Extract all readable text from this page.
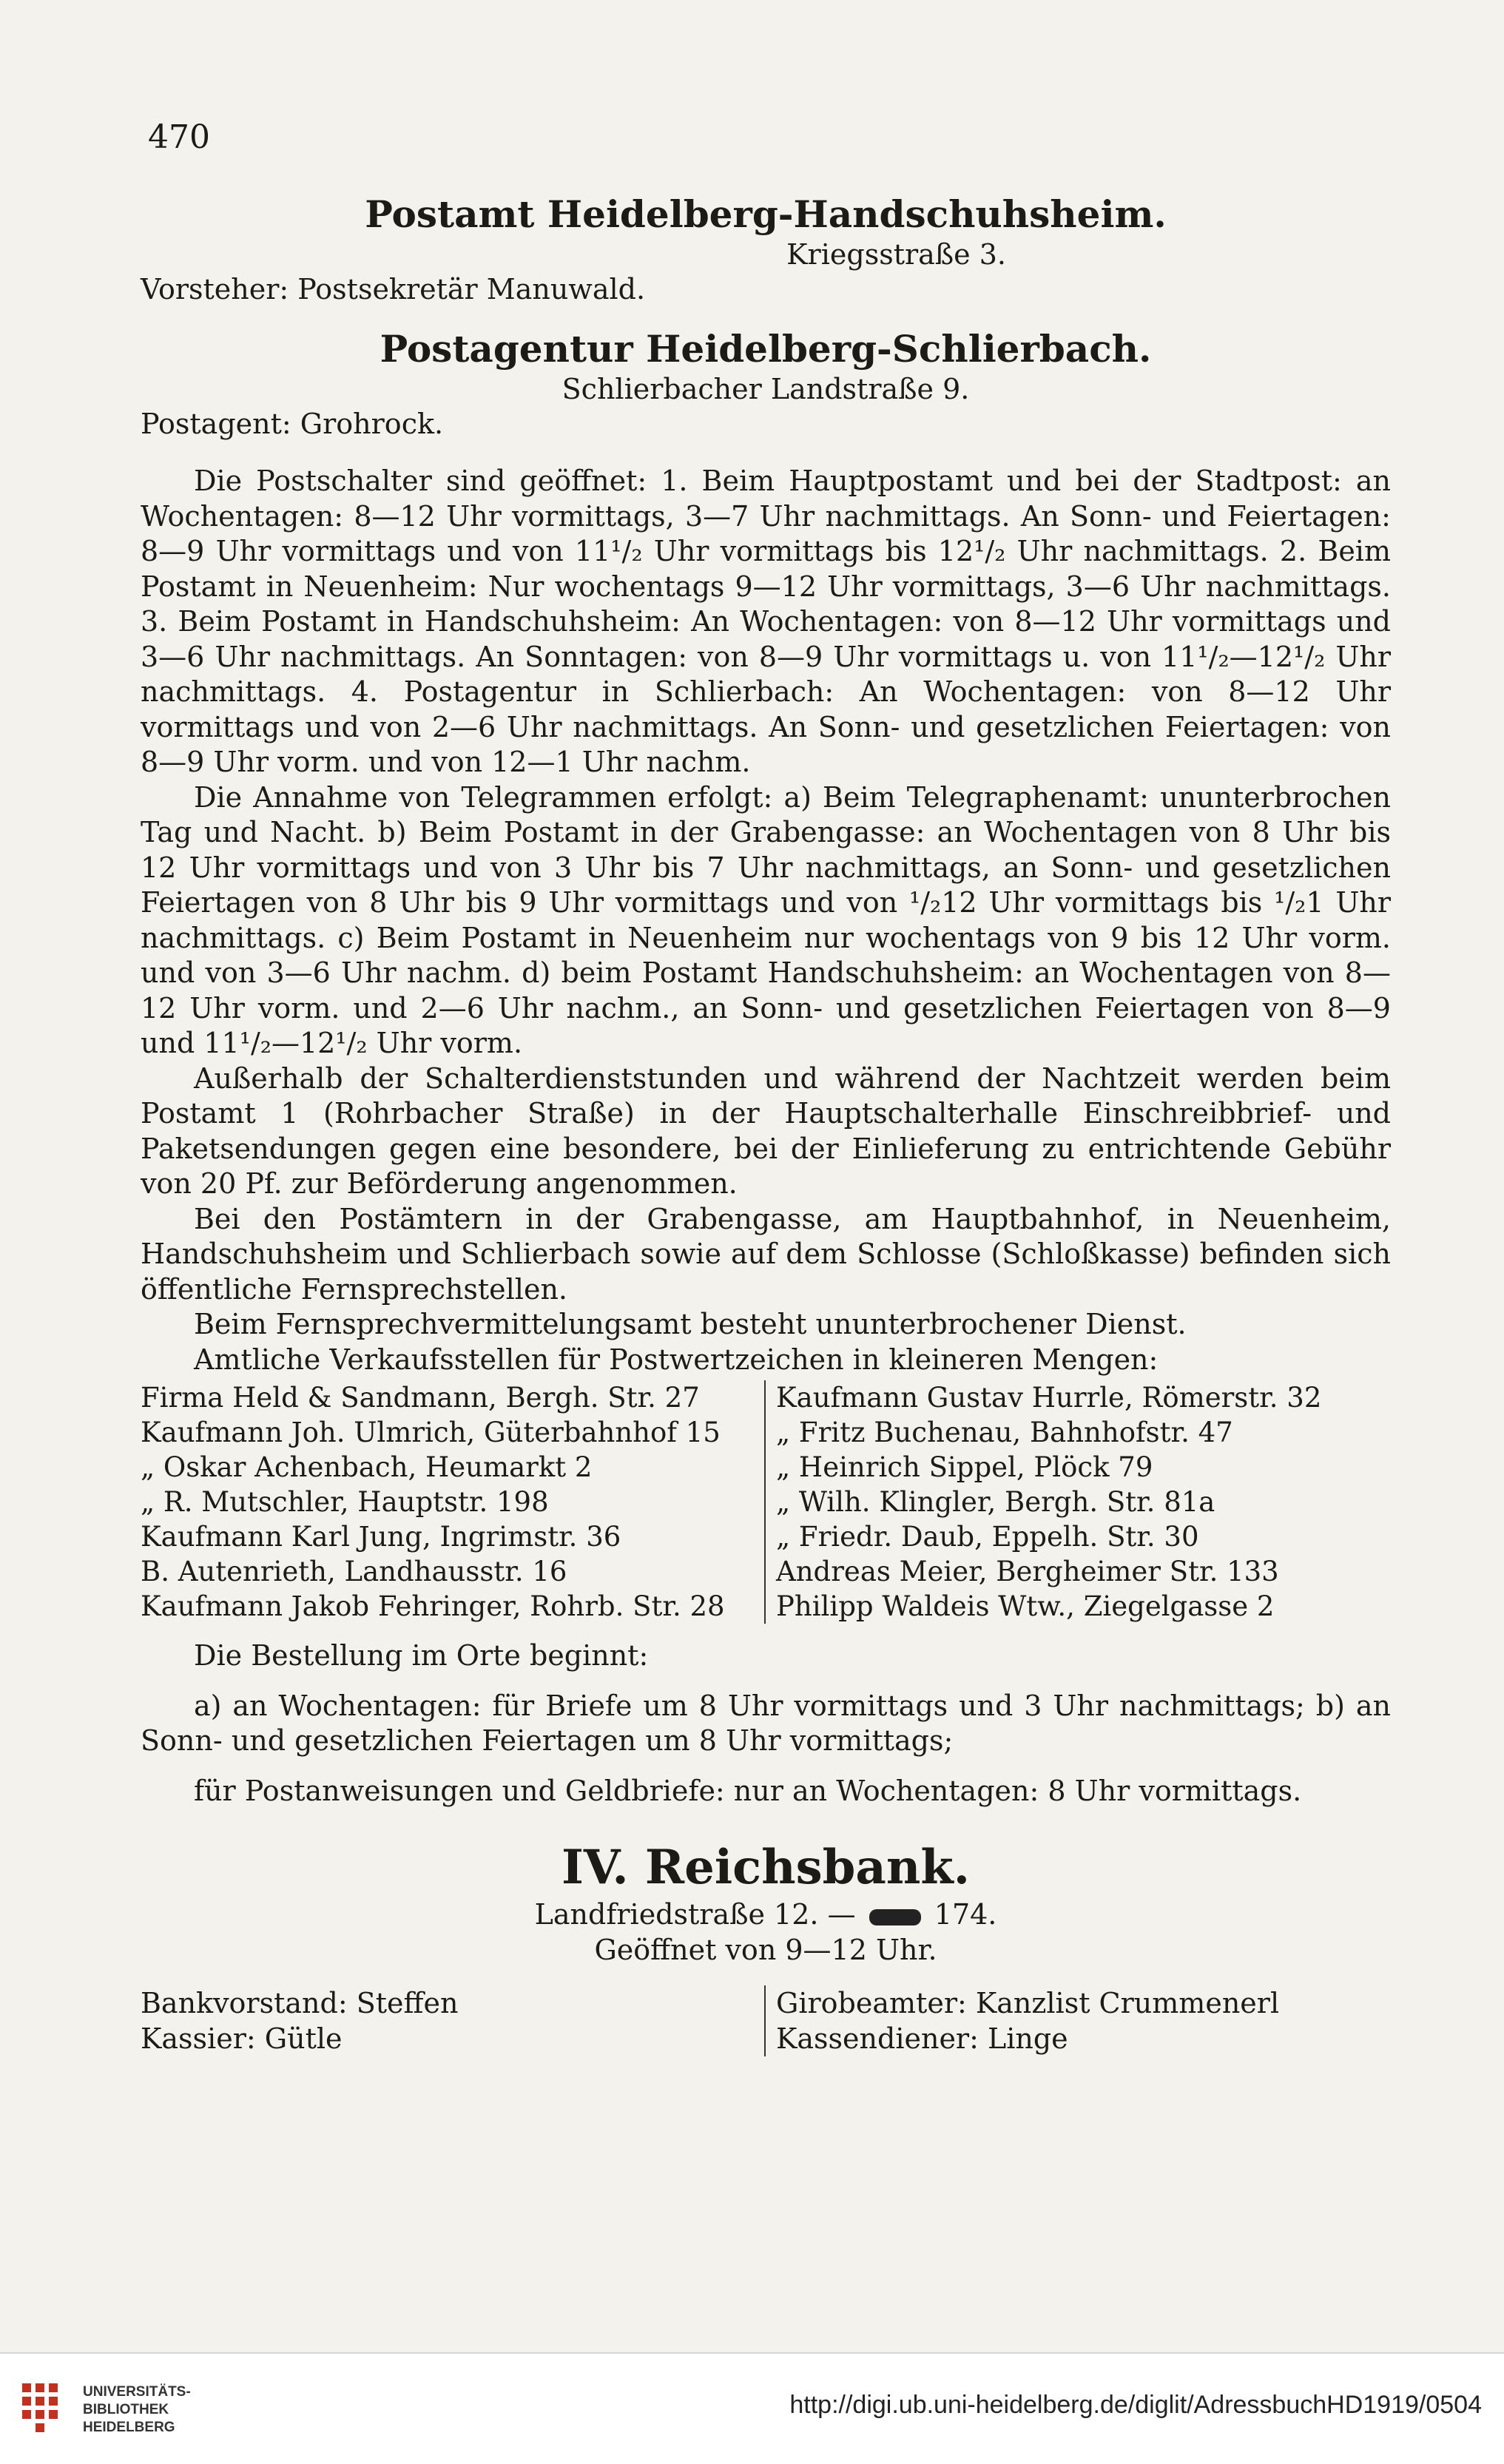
470
Postamt Heidelberg-Handschuhsheim.
Kriegsstraße 3.
Vorsteher: Postsekretär Manuwald.
Postagentur Heidelberg-Schlierbach.
Schlierbacher Landstraße 9.
Postagent: Grohrock.

Die Postschalter sind geöffnet: 1. Beim Hauptpostamt und bei der Stadtpost: an Wochentagen: 8—12 Uhr vormittags, 3—7 Uhr nachmittags. An Sonn- und Feiertagen: 8—9 Uhr vormittags und von 11¹/₂ Uhr vormittags bis 12¹/₂ Uhr nachmittags. 2. Beim Postamt in Neuenheim: Nur wochentags 9—12 Uhr vormittags, 3—6 Uhr nachmittags. 3. Beim Postamt in Handschuhsheim: An Wochentagen: von 8—12 Uhr vormittags und 3—6 Uhr nachmittags. An Sonntagen: von 8—9 Uhr vormittags u. von 11¹/₂—12¹/₂ Uhr nachmittags. 4. Postagentur in Schlierbach: An Wochentagen: von 8—12 Uhr vormittags und von 2—6 Uhr nachmittags. An Sonn- und gesetzlichen Feiertagen: von 8—9 Uhr vorm. und von 12—1 Uhr nachm.

Die Annahme von Telegrammen erfolgt: a) Beim Telegraphenamt: ununterbrochen Tag und Nacht. b) Beim Postamt in der Grabengasse: an Wochentagen von 8 Uhr bis 12 Uhr vormittags und von 3 Uhr bis 7 Uhr nachmittags, an Sonn- und gesetzlichen Feiertagen von 8 Uhr bis 9 Uhr vormittags und von ¹/₂12 Uhr vormittags bis ¹/₂1 Uhr nachmittags. c) Beim Postamt in Neuenheim nur wochentags von 9 bis 12 Uhr vorm. und von 3—6 Uhr nachm. d) beim Postamt Handschuhsheim: an Wochentagen von 8—12 Uhr vorm. und 2—6 Uhr nachm., an Sonn- und gesetzlichen Feiertagen von 8—9 und 11¹/₂—12¹/₂ Uhr vorm.

Außerhalb der Schalterdienststunden und während der Nachtzeit werden beim Postamt 1 (Rohrbacher Straße) in der Hauptschalterhalle Einschreibbrief- und Paketsendungen gegen eine besondere, bei der Einlieferung zu entrichtende Gebühr von 20 Pf. zur Beförderung angenommen.

Bei den Postämtern in der Grabengasse, am Hauptbahnhof, in Neuenheim, Handschuhsheim und Schlierbach sowie auf dem Schlosse (Schloßkasse) befinden sich öffentliche Fernsprechstellen.

Beim Fernsprechvermittelungsamt besteht ununterbrochener Dienst.

Amtliche Verkaufsstellen für Postwertzeichen in kleineren Mengen:

Firma Held & Sandmann, Bergh. Str. 27
Kaufmann Joh. Ulmrich, Güterbahnhof 15
„ Oskar Achenbach, Heumarkt 2
„ R. Mutschler, Hauptstr. 198
Kaufmann Karl Jung, Ingrimstr. 36
B. Autenrieth, Landhausstr. 16
Kaufmann Jakob Fehringer, Rohrb. Str. 28
Kaufmann Gustav Hurrle, Römerstr. 32
„ Fritz Buchenau, Bahnhofstr. 47
„ Heinrich Sippel, Plöck 79
„ Wilh. Klingler, Bergh. Str. 81a
„ Friedr. Daub, Eppelh. Str. 30
Andreas Meier, Bergheimer Str. 133
Philipp Waldeis Wtw., Ziegelgasse 2

Die Bestellung im Orte beginnt:

a) an Wochentagen: für Briefe um 8 Uhr vormittags und 3 Uhr nachmittags; b) an Sonn- und gesetzlichen Feiertagen um 8 Uhr vormittags;

für Postanweisungen und Geldbriefe: nur an Wochentagen: 8 Uhr vormittags.

IV. Reichsbank.
Landfriedstraße 12. —	174.
Geöffnet von 9—12 Uhr.
Bankvorstand: Steffen
Kassier: Gütle
Girobeamter: Kanzlist Crummenerl
Kassendiener: Linge
UNIVERSITÄTS-
BIBLIOTHEK
HEIDELBERG
http://digi.ub.uni-heidelberg.de/diglit/AdressbuchHD1919/0504
